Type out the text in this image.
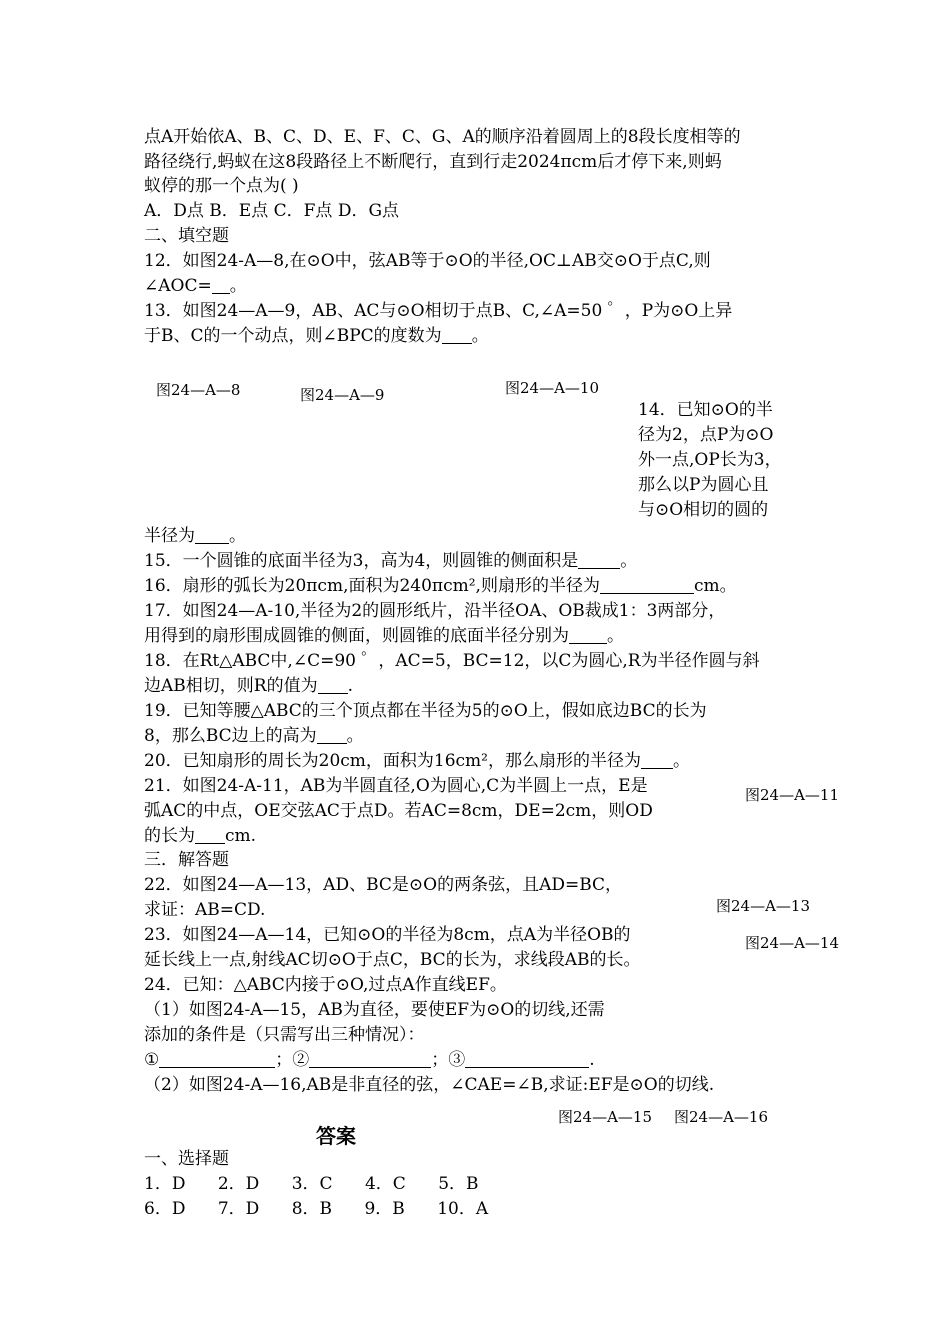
点A开始依A、B、C、D、E、F、C、G、A的顺序沿着圆周上的8段长度相等的
路径绕行,蚂蚁在这8段路径上不断爬行，直到行走2024πcm后才停下来,则蚂
蚁停的那一个点为( )
A．D点 B．E点 C．F点 D．G点
二、填空题
12．如图24-A—8,在⊙O中，弦AB等于⊙O的半径,OC⊥AB交⊙O于点C,则
∠AOC= 。
13．如图24—A—9，AB、AC与⊙O相切于点B、C,∠A=50 ゜，P为⊙O上异
于B、C的一个动点，则∠BPC的度数为 。
图24—A—8	图24—A—9	图24—A—10
14．已知⊙O的半
径为2，点P为⊙O
外一点,OP长为3，
那么以P为圆心且
与⊙O相切的圆的
半径为 。
15．一个圆锥的底面半径为3，高为4，则圆锥的侧面积是 。
16．扇形的弧长为20πcm,面积为240πcm²,则扇形的半径为	cm。
17．如图24—A-10,半径为2的圆形纸片，沿半径OA、OB裁成1：3两部分，
用得到的扇形围成圆锥的侧面，则圆锥的底面半径分别为 。
18．在Rt△ABC中,∠C=90 ゜，AC=5，BC=12，以C为圆心,R为半径作圆与斜
边AB相切，则R的值为 .
19．已知等腰△ABC的三个顶点都在半径为5的⊙O上，假如底边BC的长为
8，那么BC边上的高为 。
20．已知扇形的周长为20cm，面积为16cm²，那么扇形的半径为 。
21．如图24-A-11，AB为半圆直径,O为圆心,C为半圆上一点，E是	图24—A—11
弧AC的中点，OE交弦AC于点D。若AC=8cm，DE=2cm，则OD
的长为 cm.
三．解答题
22．如图24—A—13，AD、BC是⊙O的两条弦，且AD=BC，
图24—A—13
求证：AB=CD.
23．如图24—A—14，已知⊙O的半径为8cm，点A为半径OB的	图24—A—14
延长线上一点,射线AC切⊙O于点C，BC的长为，求线段AB的长。
24．已知：△ABC内接于⊙O,过点A作直线EF。
（1）如图24-A—15，AB为直径，要使EF为⊙O的切线,还需
添加的条件是（只需写出三种情况）：
①	；②	；③	.
（2）如图24-A—16,AB是非直径的弦，∠CAE=∠B,求证:EF是⊙O的切线.
图24—A—15 图24—A—16
答案
一、选择题
1．D      2．D      3．C      4．C      5．B
6．D      7．D      8．B      9．B      10．A
